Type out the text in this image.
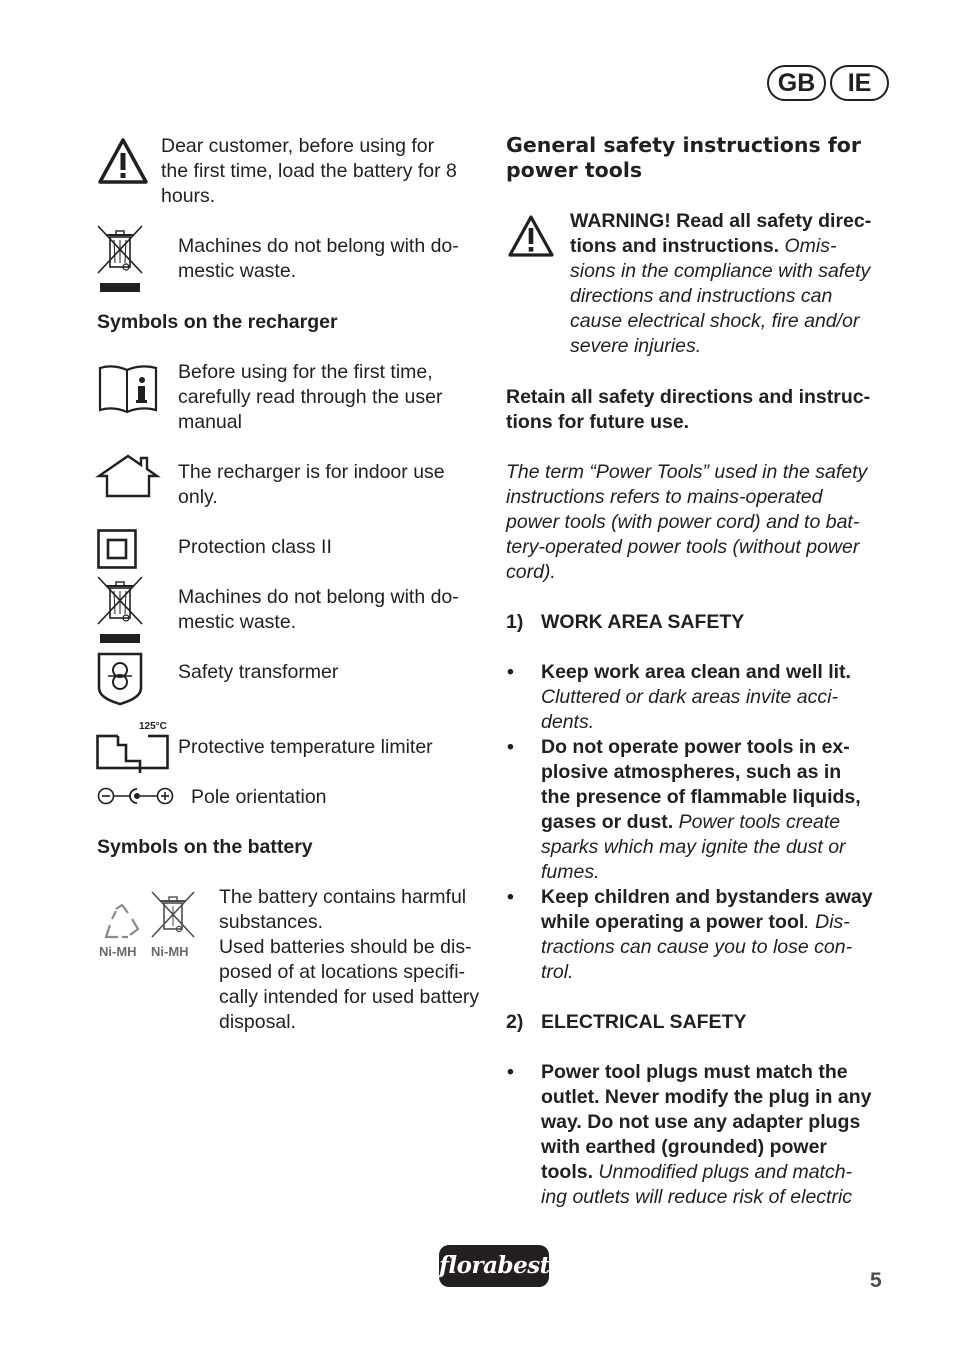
GB	IE
Dear customer, before using for
the first time, load the battery for 8
hours.
Machines do not belong with do-
mestic waste.
Symbols on the recharger
Before using for the first time,
carefully read through the user
manual
The recharger is for indoor use
only.
Protection class II
Machines do not belong with do-
mestic waste.
Safety transformer
125°C
Protective temperature limiter
Pole orientation
Symbols on the battery
Ni-MH Ni-MH
The battery contains harmful
substances.
Used batteries should be dis-
posed of at locations specifi-
cally intended for used battery
disposal.
General safety instructions for
power tools
WARNING! Read all safety direc-
tions and instructions. Omis-
sions in the compliance with safety
directions and instructions can
cause electrical shock, fire and/or
severe injuries.
Retain all safety directions and instruc-
tions for future use.
The term “Power Tools” used in the safety
instructions refers to mains-operated
power tools (with power cord) and to bat-
tery-operated power tools (without power
cord).
1) WORK AREA SAFETY
•	Keep work area clean and well lit.
Cluttered or dark areas invite acci-
dents.
•	Do not operate power tools in ex-
plosive atmospheres, such as in
the presence of flammable liquids,
gases or dust. Power tools create
sparks which may ignite the dust or
fumes.
•	Keep children and bystanders away
while operating a power tool. Dis-
tractions can cause you to lose con-
trol.
2) ELECTRICAL SAFETY
•	Power tool plugs must match the
outlet. Never modify the plug in any
way. Do not use any adapter plugs
with earthed (grounded) power
tools. Unmodified plugs and match-
ing outlets will reduce risk of electric
florabest
5
